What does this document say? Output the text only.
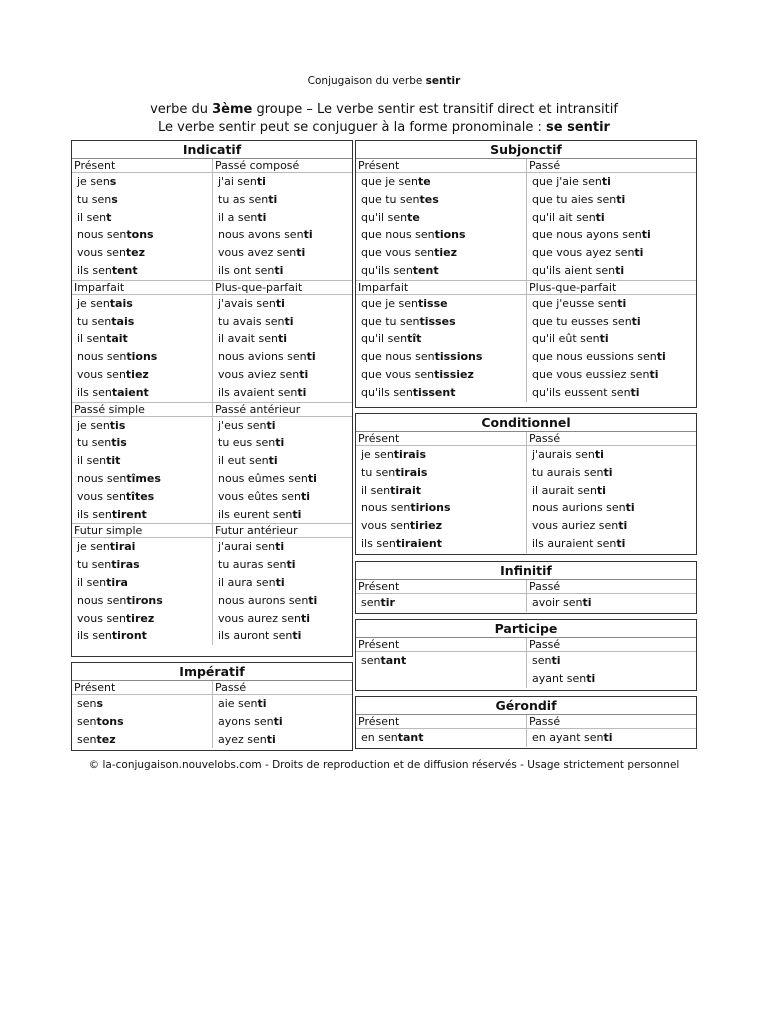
Conjugaison du verbe sentir
verbe du 3ème groupe – Le verbe sentir est transitif direct et intransitif
Le verbe sentir peut se conjuguer à la forme pronominale : se sentir
Indicatif
Présent
je sens
tu sens
il sent
nous sentons
vous sentez
ils sentent
Passé composé
j'ai senti
tu as senti
il a senti
nous avons senti
vous avez senti
ils ont senti
Imparfait
je sentais
tu sentais
il sentait
nous sentions
vous sentiez
ils sentaient
Plus-que-parfait
j'avais senti
tu avais senti
il avait senti
nous avions senti
vous aviez senti
ils avaient senti
Passé simple
je sentis
tu sentis
il sentit
nous sentîmes
vous sentîtes
ils sentirent
Passé antérieur
j'eus senti
tu eus senti
il eut senti
nous eûmes senti
vous eûtes senti
ils eurent senti
Futur simple
je sentirai
tu sentiras
il sentira
nous sentirons
vous sentirez
ils sentiront
Futur antérieur
j'aurai senti
tu auras senti
il aura senti
nous aurons senti
vous aurez senti
ils auront senti
Impératif
Présent
sens
sentons
sentez
Passé
aie senti
ayons senti
ayez senti
Subjonctif
Présent
que je sente
que tu sentes
qu'il sente
que nous sentions
que vous sentiez
qu'ils sentent
Passé
que j'aie senti
que tu aies senti
qu'il ait senti
que nous ayons senti
que vous ayez senti
qu'ils aient senti
Imparfait
que je sentisse
que tu sentisses
qu'il sentît
que nous sentissions
que vous sentissiez
qu'ils sentissent
Plus-que-parfait
que j'eusse senti
que tu eusses senti
qu'il eût senti
que nous eussions senti
que vous eussiez senti
qu'ils eussent senti
Conditionnel
Présent
je sentirais
tu sentirais
il sentirait
nous sentirions
vous sentiriez
ils sentiraient
Passé
j'aurais senti
tu aurais senti
il aurait senti
nous aurions senti
vous auriez senti
ils auraient senti
Infinitif
Présent
sentir
Passé
avoir senti
Participe
Présent
sentant
Passé
senti
ayant senti
Gérondif
Présent
en sentant
Passé
en ayant senti
© la-conjugaison.nouvelobs.com - Droits de reproduction et de diffusion réservés - Usage strictement personnel
